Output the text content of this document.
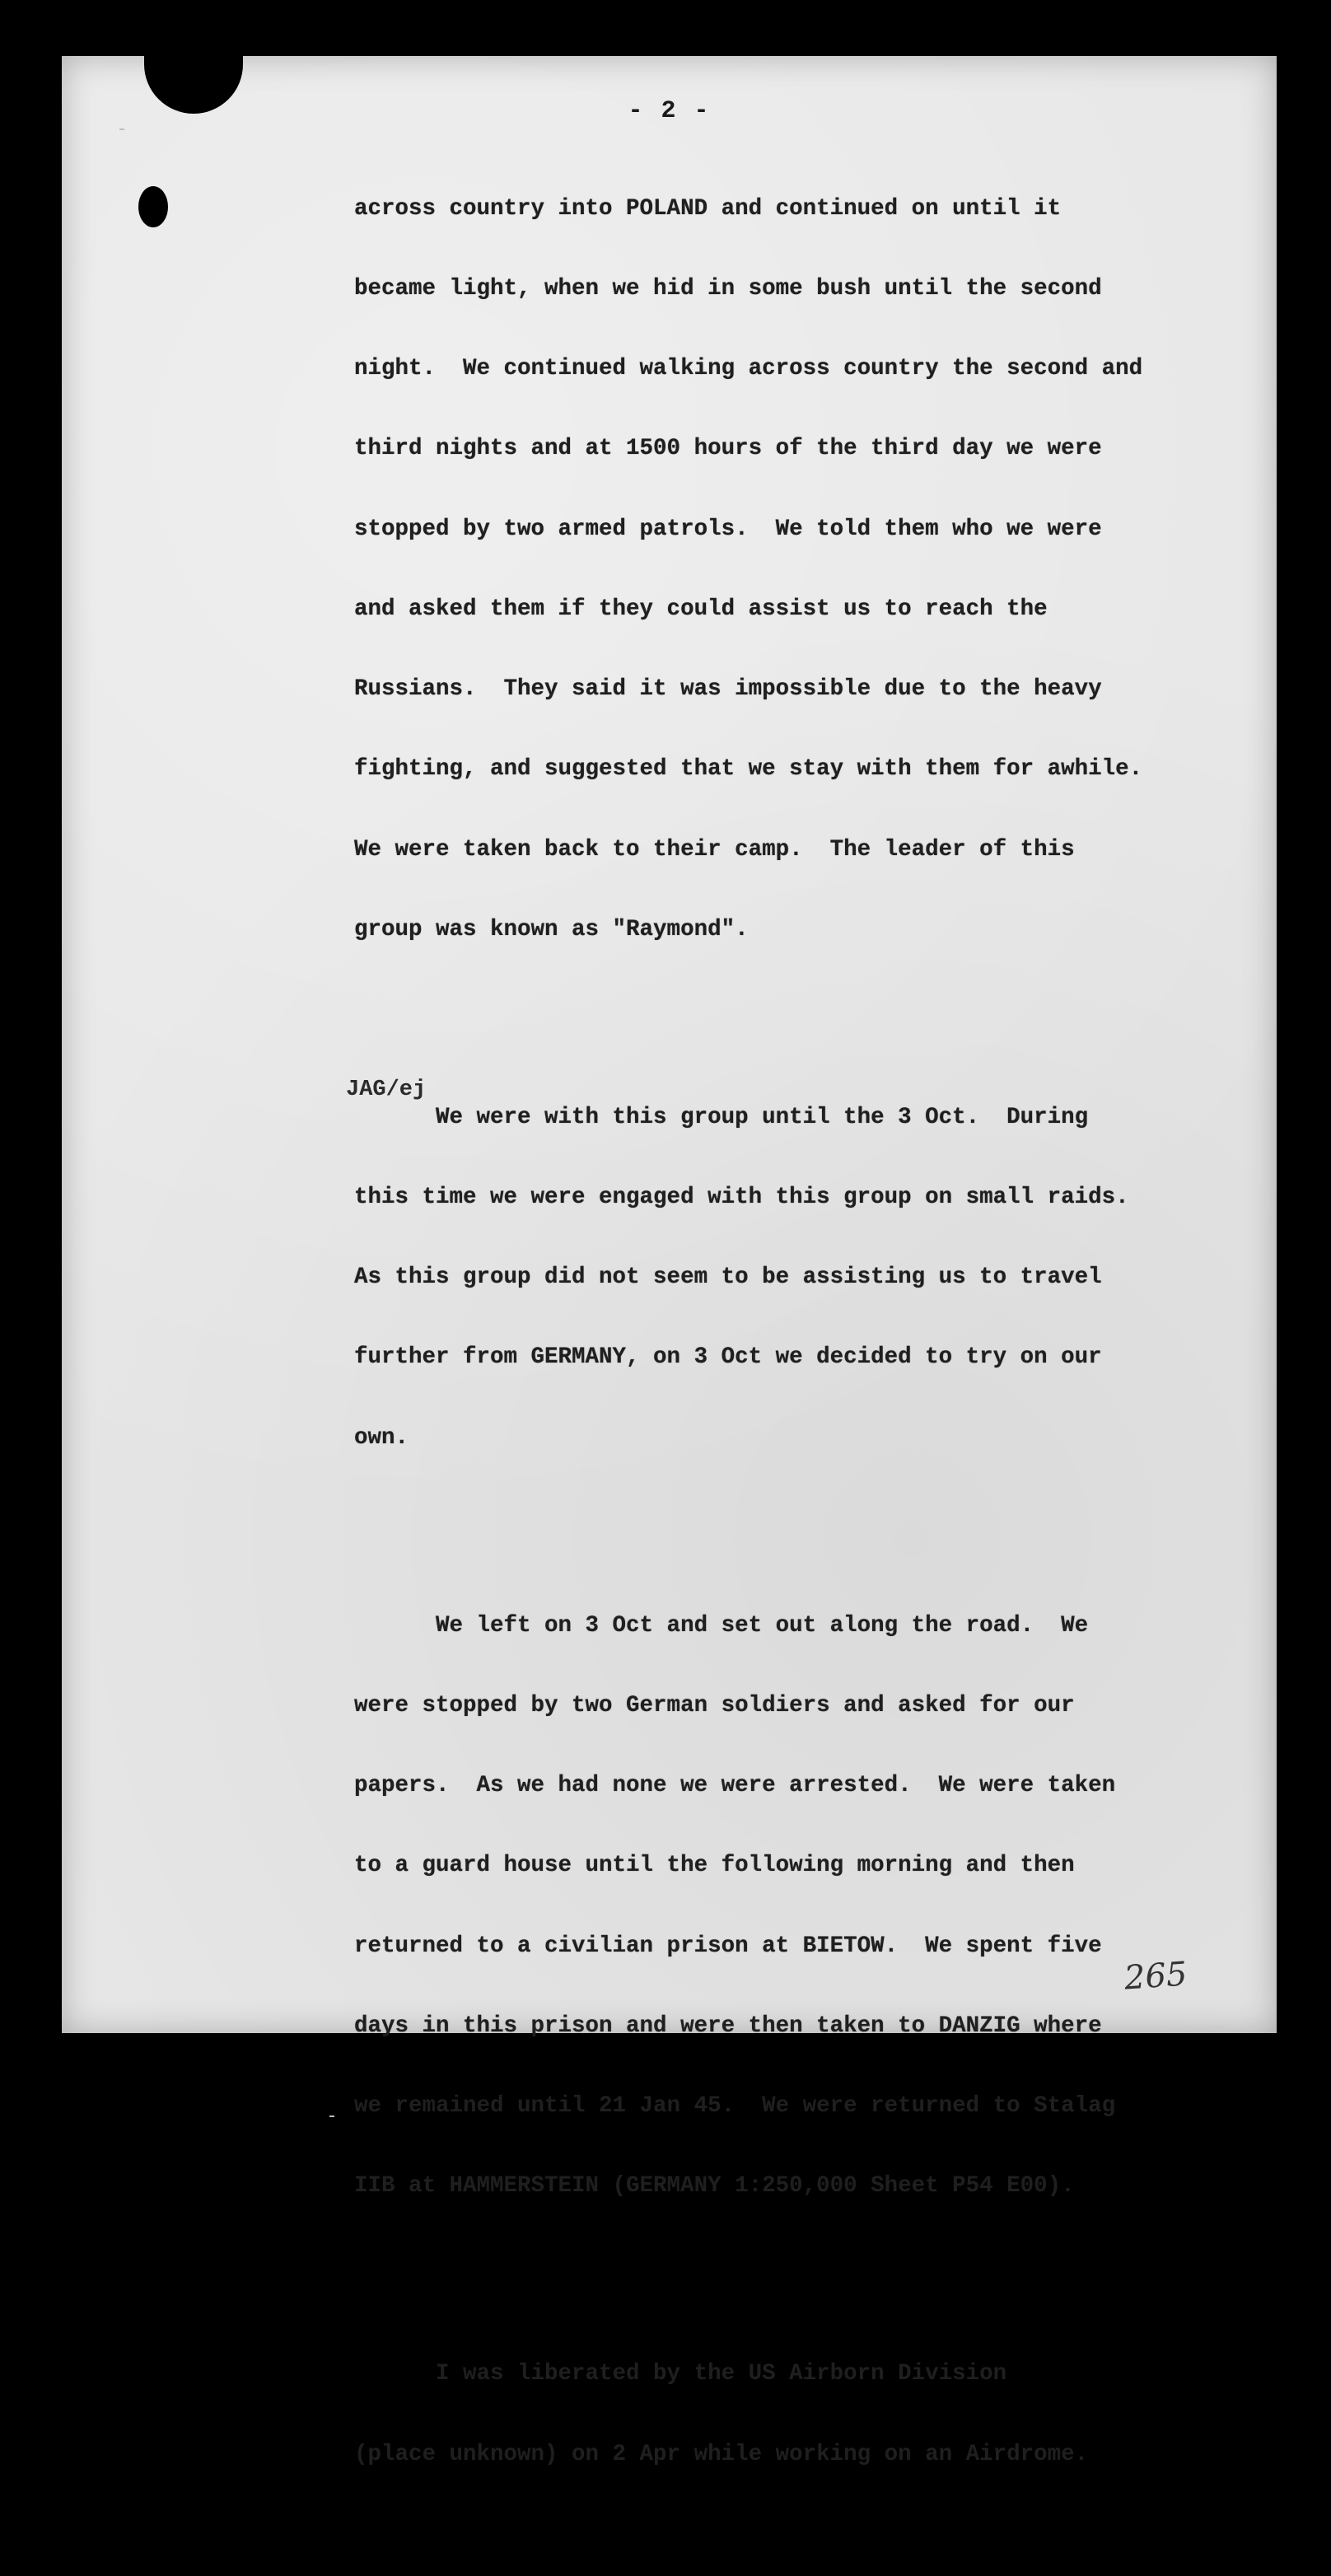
- 2 -

across country into POLAND and continued on until it

became light, when we hid in some bush until the second

night.  We continued walking across country the second and

third nights and at 1500 hours of the third day we were

stopped by two armed patrols.  We told them who we were

and asked them if they could assist us to reach the

Russians.  They said it was impossible due to the heavy

fighting, and suggested that we stay with them for awhile.

We were taken back to their camp.  The leader of this

group was known as "Raymond".

We were with this group until the 3 Oct.  During

this time we were engaged with this group on small raids.

As this group did not seem to be assisting us to travel

further from GERMANY, on 3 Oct we decided to try on our

own.

We left on 3 Oct and set out along the road.  We

were stopped by two German soldiers and asked for our

papers.  As we had none we were arrested.  We were taken

to a guard house until the following morning and then

returned to a civilian prison at BIETOW.  We spent five

days in this prison and were then taken to DANZIG where

we remained until 21 Jan 45.  We were returned to Stalag

IIB at HAMMERSTEIN (GERMANY 1:250,000 Sheet P54 E00).

I was liberated by the US Airborn Division

(place unknown) on 2 Apr while working on an Airdrome.

JAG/ej
265
